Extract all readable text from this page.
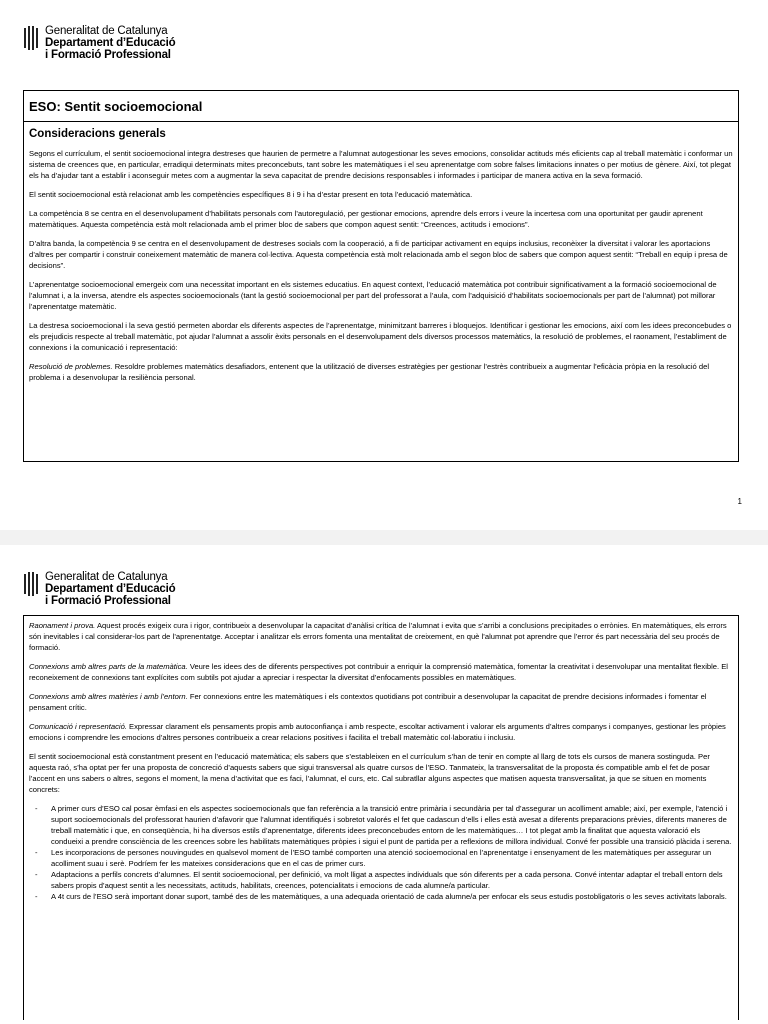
Generalitat de Catalunya
Departament d’Educació
i Formació Professional
ESO: Sentit socioemocional
Consideracions generals

Segons el currículum, el sentit socioemocional integra destreses que haurien de permetre a l’alumnat autogestionar les seves emocions, consolidar actituds més eficients cap al treball matemàtic i conformar un sistema de creences que, en particular, erradiqui determinats mites preconcebuts, tant sobre les matemàtiques i el seu aprenentatge com sobre falses limitacions innates o per motius de gènere. Així, tot plegat els ha d’ajudar tant a establir i aconseguir metes com a augmentar la seva capacitat de prendre decisions responsables i informades i participar de manera activa en la seva formació.

El sentit socioemocional està relacionat amb les competències específiques 8 i 9 i ha d’estar present en tota l’educació matemàtica.

La competència 8 se centra en el desenvolupament d’habilitats personals com l’autoregulació, per gestionar emocions, aprendre dels errors i veure la incertesa com una oportunitat per gaudir aprenent matemàtiques. Aquesta competència està molt relacionada amb el primer bloc de sabers que compon aquest sentit: “Creences, actituds i emocions”.

D’altra banda, la competència 9 se centra en el desenvolupament de destreses socials com la cooperació, a fi de participar activament en equips inclusius, reconèixer la diversitat i valorar les aportacions d’altres per compartir i construir coneixement matemàtic de manera col·lectiva. Aquesta competència està molt relacionada amb el segon bloc de sabers que compon aquest sentit: “Treball en equip i presa de decisions”.

L’aprenentatge socioemocional emergeix com una necessitat important en els sistemes educatius. En aquest context, l’educació matemàtica pot contribuir significativament a la formació socioemocional de l’alumnat i, a la inversa, atendre els aspectes socioemocionals (tant la gestió socioemocional per part del professorat a l’aula, com l’adquisició d’habilitats socioemocionals per part de l’alumnat) pot millorar l’aprenentatge matemàtic.

La destresa socioemocional i la seva gestió permeten abordar els diferents aspectes de l’aprenentatge, minimitzant barreres i bloquejos. Identificar i gestionar les emocions, així com les idees preconcebudes o els prejudicis respecte al treball matemàtic, pot ajudar l’alumnat a assolir èxits personals en el desenvolupament dels diversos processos matemàtics, la resolució de problemes, el raonament, l’establiment de connexions i la comunicació i representació:

Resolució de problemes. Resoldre problemes matemàtics desafiadors, entenent que la utilització de diverses estratègies per gestionar l’estrès contribueix a augmentar l’eficàcia pròpia en la resolució del problema i a desenvolupar la resiliència personal.

1
Generalitat de Catalunya
Departament d’Educació
i Formació Professional

Raonament i prova. Aquest procés exigeix cura i rigor, contribueix a desenvolupar la capacitat d’anàlisi crítica de l’alumnat i evita que s’arribi a conclusions precipitades o errònies. En matemàtiques, els errors són inevitables i cal considerar-los part de l’aprenentatge. Acceptar i analitzar els errors fomenta una mentalitat de creixement, en què l’alumnat pot aprendre que l’error és part necessària del seu procés de formació.

Connexions amb altres parts de la matemàtica. Veure les idees des de diferents perspectives pot contribuir a enriquir la comprensió matemàtica, fomentar la creativitat i desenvolupar una mentalitat flexible. El reconeixement de connexions tant explícites com subtils pot ajudar a apreciar i respectar la diversitat d’enfocaments possibles en matemàtiques.

Connexions amb altres matèries i amb l’entorn. Fer connexions entre les matemàtiques i els contextos quotidians pot contribuir a desenvolupar la capacitat de prendre decisions informades i fomentar el pensament crític.

Comunicació i representació. Expressar clarament els pensaments propis amb autoconfiança i amb respecte, escoltar activament i valorar els arguments d’altres companys i companyes, gestionar les pròpies emocions i comprendre les emocions d’altres persones contribueix a crear relacions positives i facilita el treball matemàtic col·laboratiu i inclusiu.

El sentit socioemocional està constantment present en l’educació matemàtica; els sabers que s’estableixen en el currículum s’han de tenir en compte al llarg de tots els cursos de manera sostinguda. Per aquesta raó, s’ha optat per fer una proposta de concreció d’aquests sabers que sigui transversal als quatre cursos de l’ESO. Tanmateix, la transversalitat de la proposta és compatible amb el fet de posar l’accent en uns sabers o altres, segons el moment, la mena d’activitat que es faci, l’alumnat, el curs, etc. Cal subratllar alguns aspectes que matisen aquesta transversalitat, ja que se situen en moments concrets:

- A primer curs d’ESO cal posar èmfasi en els aspectes socioemocionals que fan referència a la transició entre primària i secundària per tal d’assegurar un acolliment amable; així, per exemple, l’atenció i suport socioemocionals del professorat haurien d’afavorir que l’alumnat identifiqués i sobretot valorés el fet que cadascun d’ells i elles està avesat a diferents preparacions prèvies, diferents maneres de treball matemàtic i que, en conseqüència, hi ha diversos estils d’aprenentatge, diferents idees preconcebudes entorn de les matemàtiques… I tot plegat amb la finalitat que aquesta valoració els condueixi a prendre consciència de les creences sobre les habilitats matemàtiques pròpies i sigui el punt de partida per a reflexions de millora individual. Convé fer possible una transició plàcida i serena.
- Les incorporacions de persones nouvingudes en qualsevol moment de l’ESO també comporten una atenció socioemocional en l’aprenentatge i ensenyament de les matemàtiques per assegurar un acolliment suau i serè. Podríem fer les mateixes consideracions que en el cas de primer curs.
- Adaptacions a perfils concrets d’alumnes. El sentit socioemocional, per definició, va molt lligat a aspectes individuals que són diferents per a cada persona. Convé intentar adaptar el treball entorn dels sabers propis d’aquest sentit a les necessitats, actituds, habilitats, creences, potencialitats i emocions de cada alumne/a particular.
- A 4t curs de l’ESO serà important donar suport, també des de les matemàtiques, a una adequada orientació de cada alumne/a per enfocar els seus estudis postobligatoris o les seves activitats laborals.
